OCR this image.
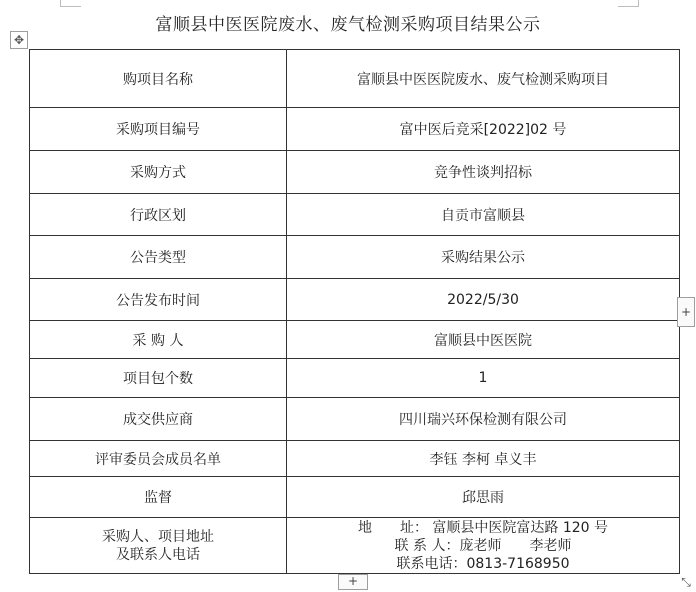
富顺县中医医院废水、废气检测采购项目结果公示
✥
购项目名称	富顺县中医医院废水、废气检测采购项目
采购项目编号	富中医后竞采[2022]02 号
采购方式	竞争性谈判招标
行政区划	自贡市富顺县
公告类型	采购结果公示
公告发布时间	2022/5/30
采 购 人	富顺县中医医院
项目包个数	1
成交供应商	四川瑞兴环保检测有限公司
评审委员会成员名单	李钰 李柯 卓义丰
监督	邱思雨

采购人、项目地址
及联系人电话	地　　址： 富顺县中医院富达路 120 号
联 系 人：庞老师　　李老师
联系电话：0813-7168950
+
+	⤡
